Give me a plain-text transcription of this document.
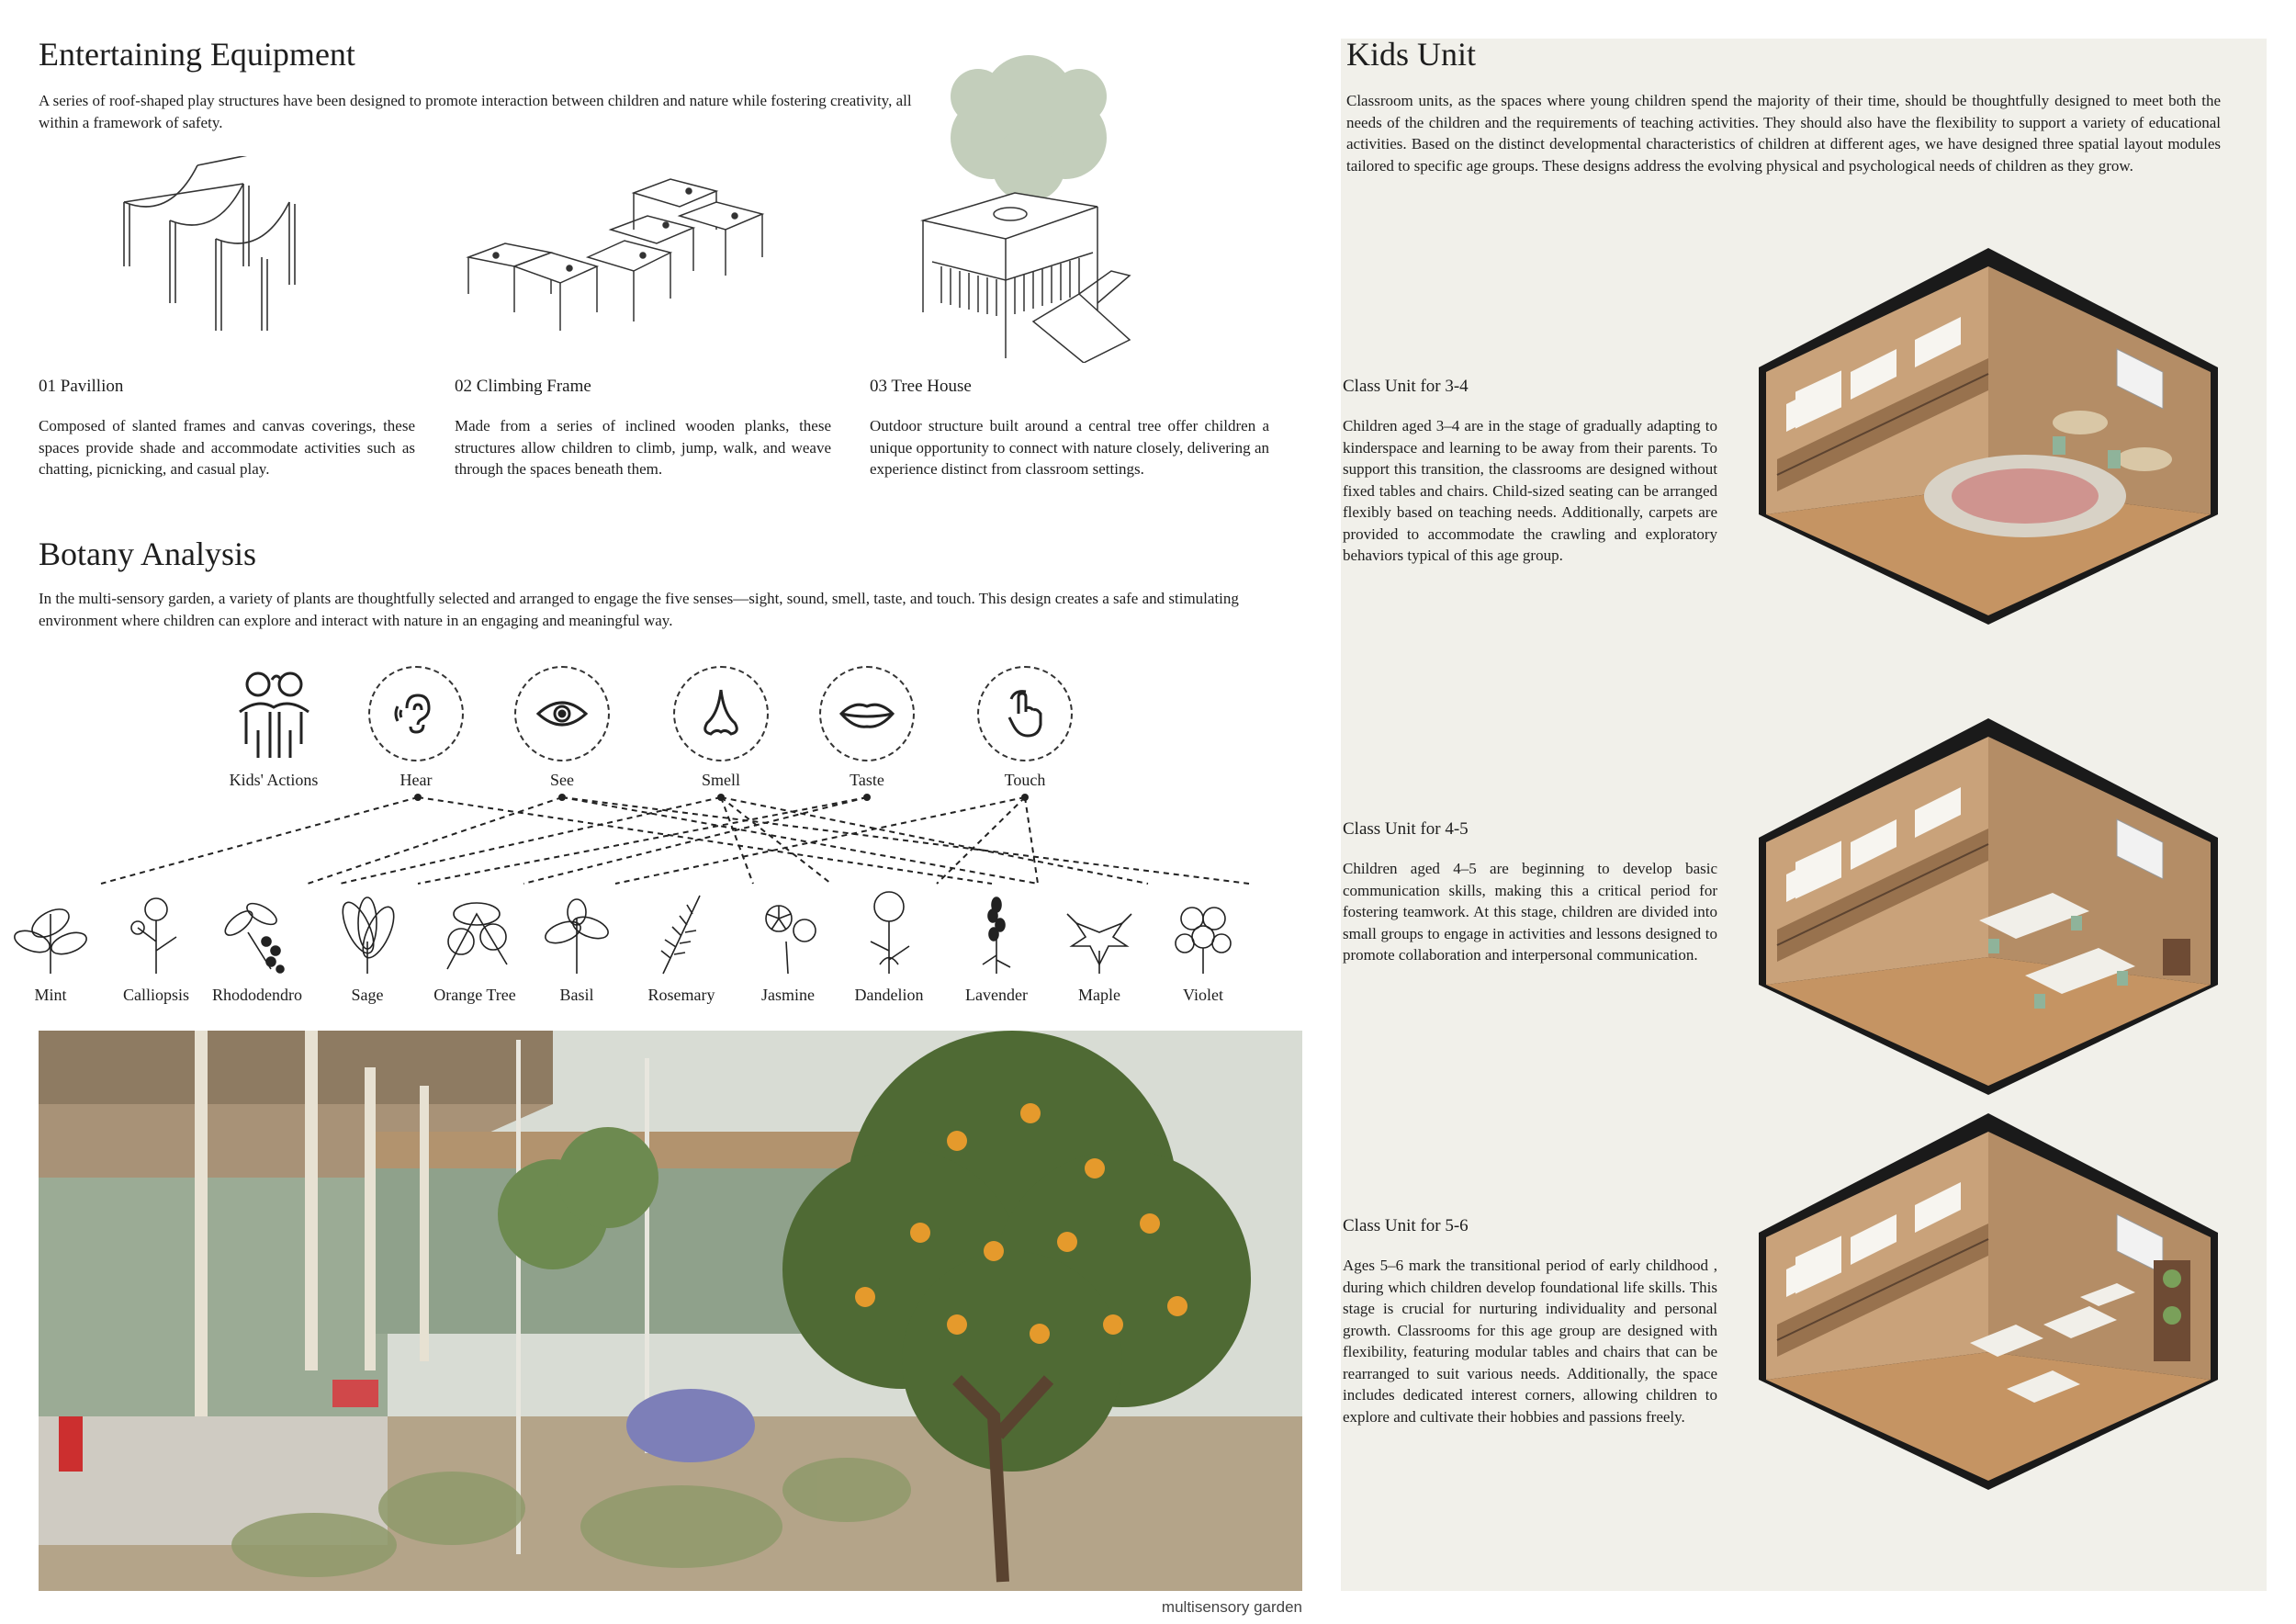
Entertaining Equipment

A series of roof-shaped play structures have been designed to promote interaction between children and nature while fostering creativity, all within a framework of safety.

01 Pavillion

Composed of slanted frames and canvas coverings, these spaces provide shade and accommodate activities such as chatting, picnicking, and casual play.

02 Climbing Frame

Made from a series of inclined wooden planks, these structures allow children to climb, jump, walk, and weave through the spaces beneath them.

03 Tree House

Outdoor structure built around a central tree offer children a unique opportunity to connect with nature closely, delivering an experience distinct from classroom settings.

Botany Analysis

In the multi-sensory garden, a variety of plants are thoughtfully selected and arranged to engage the five senses—sight, sound, smell, taste, and touch. This design creates a safe and stimulating environment where children can explore and interact with nature in an engaging and meaningful way.

Kids' Actions	Hear	See	Smell	Taste	Touch
Mint	Calliopsis	Rhododendro	Sage	Orange Tree	Basil	Rosemary	Jasmine	Dandelion	Lavender	Maple	Violet
multisensory garden
Kids Unit

Classroom units, as the spaces where young children spend the majority of their time, should be thoughtfully designed to meet both the needs of the children and the requirements of teaching activities. They should also have the flexibility to support a variety of educational activities. Based on the distinct developmental characteristics of children at different ages, we have designed three spatial layout modules tailored to specific age groups. These designs address the evolving physical and psychological needs of children as they grow.

Class Unit for 3-4

Children aged 3–4 are in the stage of gradually adapting to kinderspace and learning to be away from their parents. To support this transition, the classrooms are designed without fixed tables and chairs. Child-sized seating can be arranged flexibly based on teaching needs. Additionally, carpets are provided to accommodate the crawling and exploratory behaviors typical of this age group.

Class Unit for 4-5

Children aged 4–5 are beginning to develop basic communication skills, making this a critical period for fostering teamwork. At this stage, children are divided into small groups to engage in activities and lessons designed to promote collaboration and interpersonal communication.

Class Unit for 5-6

Ages 5–6 mark the transitional period of early childhood , during which children develop foundational life skills. This stage is crucial for nurturing individuality and personal growth. Classrooms for this age group are designed with flexibility, featuring modular tables and chairs that can be rearranged to suit various needs. Additionally, the space includes dedicated interest corners, allowing children to explore and cultivate their hobbies and passions freely.
